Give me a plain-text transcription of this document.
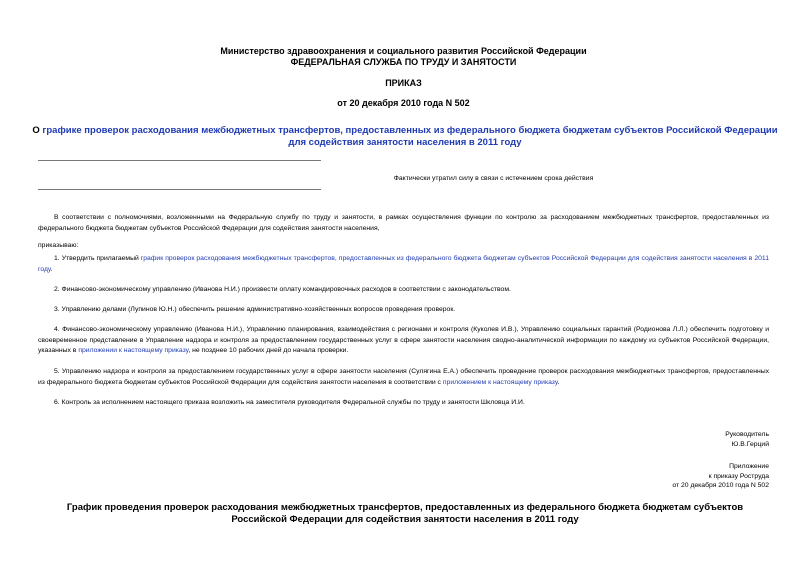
Министерство здравоохранения и социального развития Российской Федерации
ФЕДЕРАЛЬНАЯ СЛУЖБА ПО ТРУДУ И ЗАНЯТОСТИ
ПРИКАЗ
от 20 декабря 2010 года N 502
О графике проверок расходования межбюджетных трансфертов, предоставленных из федерального бюджета бюджетам субъектов Российской Федерации для содействия занятости населения в 2011 году
Фактически утратил силу в связи с истечением срока действия
В соответствии с полномочиями, возложенными на Федеральную службу по труду и занятости, в рамках осуществления функции по контролю за расходованием межбюджетных трансфертов, предоставленных из федерального бюджета бюджетам субъектов Российской Федерации для содействия занятости населения,
приказываю:
1. Утвердить прилагаемый график проверок расходования межбюджетных трансфертов, предоставленных из федерального бюджета бюджетам субъектов Российской Федерации для содействия занятости населения в 2011 году.
2. Финансово-экономическому управлению (Иванова Н.И.) произвести оплату командировочных расходов в соответствии с законодательством.
3. Управлению делами (Лупинов Ю.Н.) обеспечить решение административно-хозяйственных вопросов проведения проверок.
4. Финансово-экономическому управлению (Иванова Н.И.), Управлению планирования, взаимодействия с регионами и контроля (Куколев И.В.), Управлению социальных гарантий (Родионова Л.Л.) обеспечить подготовку и своевременное представление в Управление надзора и контроля за предоставлением государственных услуг в сфере занятости населения сводно-аналитической информации по каждому из субъектов Российской Федерации, указанных в приложении к настоящему приказу, не позднее 10 рабочих дней до начала проверки.
5. Управлению надзора и контроля за предоставлением государственных услуг в сфере занятости населения (Сулягина Е.А.) обеспечить проведение проверок расходования межбюджетных трансфертов, предоставленных из федерального бюджета бюджетам субъектов Российской Федерации для содействия занятости населения в соответствии с приложением к настоящему приказу.
6. Контроль за исполнением настоящего приказа возложить на заместителя руководителя Федеральной службы по труду и занятости Шкловца И.И.
Руководитель
Ю.В.Герций
Приложение
к приказу Роструда
от 20 декабря 2010 года N 502
График проведения проверок расходования межбюджетных трансфертов, предоставленных из федерального бюджета бюджетам субъектов Российской Федерации для содействия занятости населения в 2011 году
